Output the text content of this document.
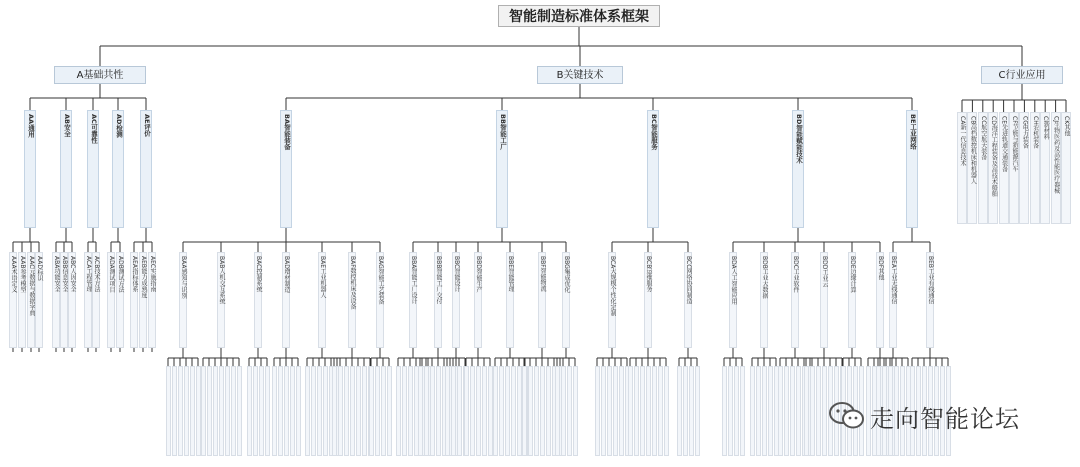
智能制造标准体系框架
A基础共性	B关键技术	C行业应用
AA通用	AB安全	AC可靠性	AD检测	AE评价	BA智能装备	BB智能工厂	BC智能服务	BD智能赋能技术	BE工业网络
AAA术语定义 AAB参考模型 AAC元数据与数据字典 AAD标识 ABA功能安全 ABB信息安全 ABC人因安全 ACA工程管理 ACB技术方法 ADA测试项目 ADB测试方法 AEA指标体系 AEB能力成熟度 AEC实施指南	BAA感知与识别	BAB人机交互系统	BAC控制系统	BAD增材制造	BAE工业机器人	BAF数控机床及设备	BAG智能工艺装备	BBA智能工厂设计	BBB智能工厂交付 BBC智能设计	BBD智能生产	BBE智能管理	BBF智能物流	BBG集成优化	BCA大规模个性化定制	BCB运维服务	BCC网络协同制造	BDA人工智能应用	BDB工业大数据	BDC工业软件	BDD工业云	BDE边缘计算	BDF其他 BEA工业无线通信	BEB工业有线通信
CA新一代信息技术 CB高档数控机床和机器人 CC航空航天装备 CD海洋工程装备及高技术船舶 CE先进轨道交通装备 CF节能与新能源汽车 CG电力装备 CH农机装备 CI新材料 CJ生物医药及高性能医疗器械 CK其他
走向智能论坛
